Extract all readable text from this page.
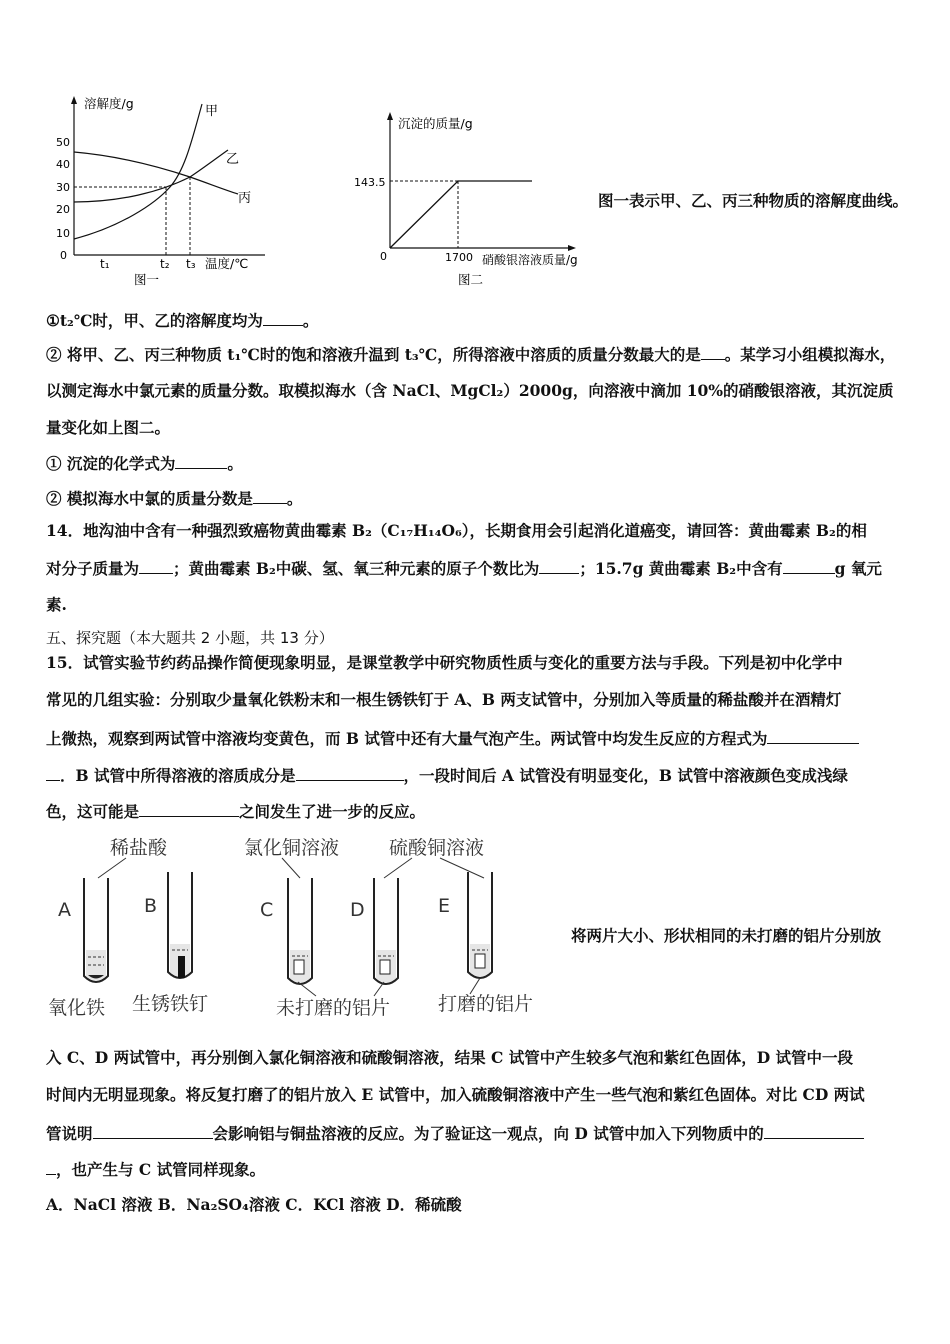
溶解度/g
温度/℃
0
10
20
30
40
50
t₁	t₂ t₃
甲
乙
丙
图一
沉淀的质量/g
143.5
0	1700 硝酸银溶液质量/g
图二
图一表示甲、乙、丙三种物质的溶解度曲线。
①t₂℃时，甲、乙的溶解度均为	。
② 将甲、乙、丙三种物质 t₁℃时的饱和溶液升温到 t₃℃，所得溶液中溶质的质量分数最大的是 。某学习小组模拟海水，
以测定海水中氯元素的质量分数。取模拟海水（含 NaCl、MgCl₂）2000g，向溶液中滴加 10%的硝酸银溶液，其沉淀质
量变化如上图二。
① 沉淀的化学式为	。
② 模拟海水中氯的质量分数是 。
14．地沟油中含有一种强烈致癌物黄曲霉素 B₂（C₁₇H₁₄O₆），长期食用会引起消化道癌变，请回答：黄曲霉素 B₂的相
对分子质量为 ；黄曲霉素 B₂中碳、氢、氧三种元素的原子个数比为	；15.7g 黄曲霉素 B₂中含有	g 氧元
素.
五、探究题（本大题共 2 小题，共 13 分）
15．试管实验节约药品操作简便现象明显，是课堂教学中研究物质性质与变化的重要方法与手段。下列是初中化学中
常见的几组实验：分别取少量氧化铁粉末和一根生锈铁钉于 A、B 两支试管中，分别加入等质量的稀盐酸并在酒精灯
上微热，观察到两试管中溶液均变黄色，而 B 试管中还有大量气泡产生。两试管中均发生反应的方程式为
．B 试管中所得溶液的溶质成分是	，一段时间后 A 试管没有明显变化，B 试管中溶液颜色变成浅绿
色，这可能是	之间发生了进一步的反应。
稀盐酸	氯化铜溶液	硫酸铜溶液
A	B	C	D	E
氧化铁 生锈铁钉	未打磨的铝片	打磨的铝片
将两片大小、形状相同的未打磨的铝片分别放
入 C、D 两试管中，再分别倒入氯化铜溶液和硫酸铜溶液，结果 C 试管中产生较多气泡和紫红色固体，D 试管中一段
时间内无明显现象。将反复打磨了的铝片放入 E 试管中，加入硫酸铜溶液中产生一些气泡和紫红色固体。对比 CD 两试
管说明	会影响铝与铜盐溶液的反应。为了验证这一观点，向 D 试管中加入下列物质中的
，也产生与 C 试管同样现象。
A．NaCl 溶液 B．Na₂SO₄溶液 C．KCl 溶液 D．稀硫酸
